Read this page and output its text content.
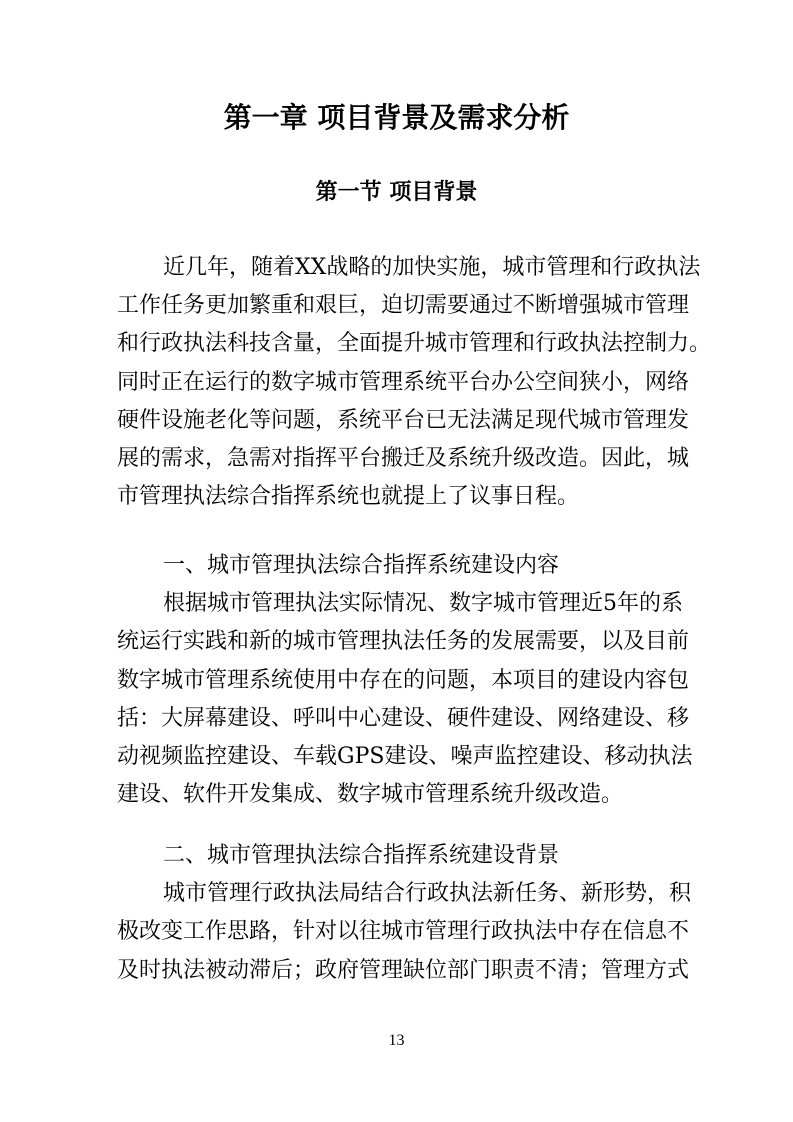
第一章 项目背景及需求分析
第一节 项目背景
近几年，随着XX战略的加快实施，城市管理和行政执法
工作任务更加繁重和艰巨，迫切需要通过不断增强城市管理
和行政执法科技含量，全面提升城市管理和行政执法控制力。
同时正在运行的数字城市管理系统平台办公空间狭小，网络
硬件设施老化等问题，系统平台已无法满足现代城市管理发
展的需求，急需对指挥平台搬迁及系统升级改造。因此，城
市管理执法综合指挥系统也就提上了议事日程。
一、城市管理执法综合指挥系统建设内容
根据城市管理执法实际情况、数字城市管理近5年的系
统运行实践和新的城市管理执法任务的发展需要，以及目前
数字城市管理系统使用中存在的问题，本项目的建设内容包
括：大屏幕建设、呼叫中心建设、硬件建设、网络建设、移
动视频监控建设、车载GPS建设、噪声监控建设、移动执法
建设、软件开发集成、数字城市管理系统升级改造。
二、城市管理执法综合指挥系统建设背景
城市管理行政执法局结合行政执法新任务、新形势，积
极改变工作思路，针对以往城市管理行政执法中存在信息不
及时执法被动滞后；政府管理缺位部门职责不清；管理方式
13
